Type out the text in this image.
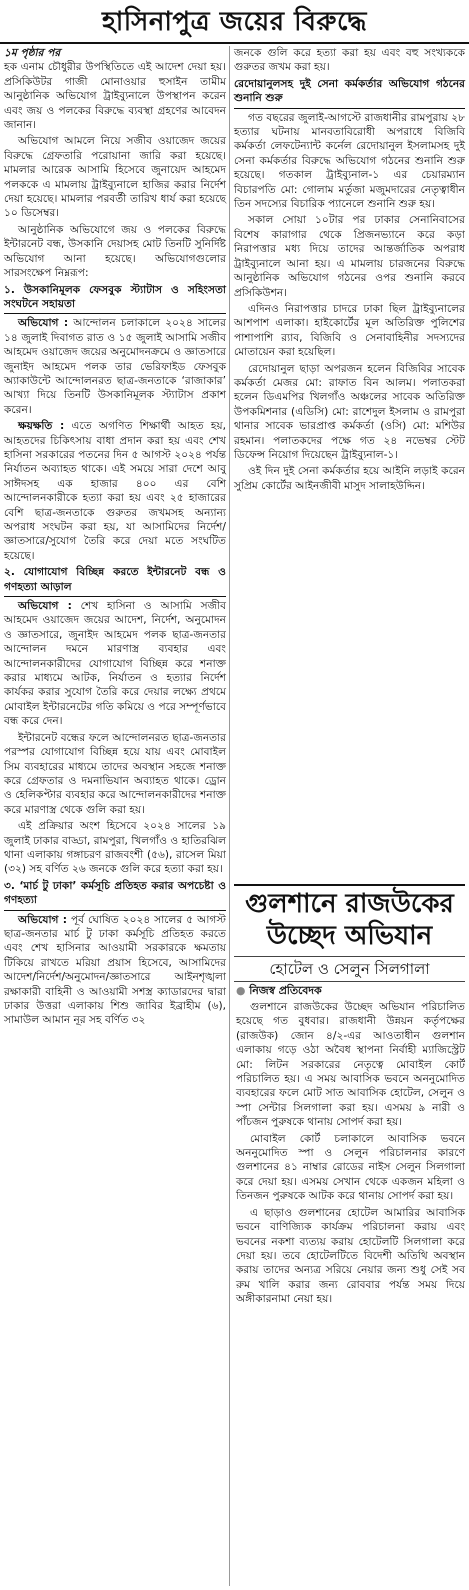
হাসিনাপুত্র জয়ের বিরুদ্ধে

১ম পৃষ্ঠার পর
হক এনাম চৌধুরীর উপস্থিতিতে এই আদেশ দেয়া হয়। প্রসিকিউটর গাজী মোনাওয়ার হুসাইন তামীম আনুষ্ঠানিক অভিযোগ ট্রাইব্যুনালে উপস্থাপন করেন এবং জয় ও পলকের বিরুদ্ধে ব্যবস্থা গ্রহণের আবেদন জানান।

অভিযোগ আমলে নিয়ে সজীব ওয়াজেদ জয়ের বিরুদ্ধে গ্রেফতারি পরোয়ানা জারি করা হয়েছে। মামলার আরেক আসামি হিসেবে জুনায়েদ আহমেদ পলককে এ মামলায় ট্রাইব্যুনালে হাজির করার নির্দেশ দেয়া হয়েছে। মামলার পরবর্তী তারিখ ধার্য করা হয়েছে ১০ ডিসেম্বর।

আনুষ্ঠানিক অভিযোগে জয় ও পলকের বিরুদ্ধে ইন্টারনেট বন্ধ, উসকানি দেয়াসহ মোট তিনটি সুনির্দিষ্ট অভিযোগ আনা হয়েছে। অভিযোগগুলোর সারসংক্ষেপ নিম্নরূপ:

১. উসকানিমূলক ফেসবুক স্ট্যাটাস ও সহিংসতা সংঘটনে সহায়তা

অভিযোগ : আন্দোলন চলাকালে ২০২৪ সালের ১৪ জুলাই দিবাগত রাত ও ১৫ জুলাই আসামি সজীব আহমেদ ওয়াজেদ জয়ের অনুমোদনক্রমে ও জ্ঞাতসারে জুনাইদ আহমেদ পলক তার ভেরিফাইড ফেসবুক অ্যাকাউন্টে আন্দোলনরত ছাত্র-জনতাকে ‘রাজাকার’ আখ্যা দিয়ে তিনটি উসকানিমূলক স্ট্যাটাস প্রকাশ করেন।

ক্ষয়ক্ষতি : এতে অগণিত শিক্ষার্থী আহত হয়, আহতদের চিকিৎসায় বাধা প্রদান করা হয় এবং শেখ হাসিনা সরকারের পতনের দিন ৫ আগস্ট ২০২৪ পর্যন্ত নির্যাতন অব্যাহত থাকে। এই সময়ে সারা দেশে আবু সাঈদসহ এক হাজার ৪০০ এর বেশি আন্দোলনকারীকে হত্যা করা হয় এবং ২৫ হাজারের বেশি ছাত্র-জনতাকে গুরুতর জখমসহ অন্যান্য অপরাধ সংঘটন করা হয়, যা আসামিদের নির্দেশ/জ্ঞাতসারে/সুযোগ তৈরি করে দেয়া মতে সংঘটিত হয়েছে।

২. যোগাযোগ বিচ্ছিন্ন করতে ইন্টারনেট বন্ধ ও গণহত্যা আড়াল

অভিযোগ : শেখ হাসিনা ও আসামি সজীব আহমেদ ওয়াজেদ জয়ের আদেশ, নির্দেশ, অনুমোদন ও জ্ঞাতসারে, জুনাইদ আহমেদ পলক ছাত্র-জনতার আন্দোলন দমনে মারণাস্ত্র ব্যবহার এবং আন্দোলনকারীদের যোগাযোগ বিচ্ছিন্ন করে শনাক্ত করার মাধ্যমে আটক, নির্যাতন ও হত্যার নির্দেশ কার্যকর করার সুযোগ তৈরি করে দেয়ার লক্ষ্যে প্রথমে মোবাইল ইন্টারনেটের গতি কমিয়ে ও পরে সম্পূর্ণভাবে বন্ধ করে দেন।

ইন্টারনেট বন্ধের ফলে আন্দোলনরত ছাত্র-জনতার পরস্পর যোগাযোগ বিচ্ছিন্ন হয়ে যায় এবং মোবাইল সিম ব্যবহারের মাধ্যমে তাদের অবস্থান সহজে শনাক্ত করে গ্রেফতার ও দমনাভিযান অব্যাহত থাকে। ড্রোন ও হেলিকপ্টার ব্যবহার করে আন্দোলনকারীদের শনাক্ত করে মারণাস্ত্র থেকে গুলি করা হয়।

এই প্রক্রিয়ার অংশ হিসেবে ২০২৪ সালের ১৯ জুলাই ঢাকার বাড্ডা, রামপুরা, খিলগাঁও ও হাতিরঝিল থানা এলাকায় গঙ্গাচরণ রাজবংশী (৫৬), রাসেল মিয়া (৩২) সহ বর্ণিত ২৬ জনকে গুলি করে হত্যা করা হয়।

৩. ‘মার্চ টু ঢাকা’ কর্মসূচি প্রতিহত করার অপচেষ্টা ও গণহত্যা

অভিযোগ : পূর্ব ঘোষিত ২০২৪ সালের ৫ আগস্ট ছাত্র-জনতার মার্চ টু ঢাকা কর্মসূচি প্রতিহত করতে এবং শেখ হাসিনার আওয়ামী সরকারকে ক্ষমতায় টিকিয়ে রাখতে মরিয়া প্রয়াস হিসেবে, আসামিদের আদেশ/নির্দেশ/অনুমোদন/জ্ঞাতসারে আইনশৃঙ্খলা রক্ষাকারী বাহিনী ও আওয়ামী সশস্ত্র ক্যাডারদের দ্বারা ঢাকার উত্তরা এলাকায় শিশু জাবির ইব্রাহীম (৬), সামাউল আমান নূর সহ বর্ণিত ৩২

জনকে গুলি করে হত্যা করা হয় এবং বহু সংখ্যককে গুরুতর জখম করা হয়।

রেদোয়ানুলসহ দুই সেনা কর্মকর্তার অভিযোগ গঠনের শুনানি শুরু

গত বছরের জুলাই-আগস্টে রাজধানীর রামপুরায় ২৮ হত্যার ঘটনায় মানবতাবিরোধী অপরাধে বিজিবি কর্মকর্তা লেফটেন্যান্ট কর্নেল রেদোয়ানুল ইসলামসহ দুই সেনা কর্মকর্তার বিরুদ্ধে অভিযোগ গঠনের শুনানি শুরু হয়েছে। গতকাল ট্রাইব্যুনাল-১ এর চেয়ারম্যান বিচারপতি মো: গোলাম মর্তুজা মজুমদারের নেতৃত্বাধীন তিন সদস্যের বিচারিক প্যানেলে শুনানি শুরু হয়।

সকাল সোয়া ১০টার পর ঢাকার সেনানিবাসের বিশেষ কারাগার থেকে প্রিজনভ্যানে করে কড়া নিরাপত্তার মধ্য দিয়ে তাদের আন্তর্জাতিক অপরাধ ট্রাইব্যুনালে আনা হয়। এ মামলায় চারজনের বিরুদ্ধে আনুষ্ঠানিক অভিযোগ গঠনের ওপর শুনানি করবে প্রসিকিউশন।

এদিনও নিরাপত্তার চাদরে ঢাকা ছিল ট্রাইব্যুনালের আশপাশ এলাকা। হাইকোর্টের মূল অতিরিক্ত পুলিশের পাশাপাশি র‍্যাব, বিজিবি ও সেনাবাহিনীর সদস্যদের মোতায়েন করা হয়েছিল।

রেদোয়ানুল ছাড়া অপরজন হলেন বিজিবির সাবেক কর্মকর্তা মেজর মো: রাফাত বিন আলম। পলাতকরা হলেন ডিএমপির খিলগাঁও অঞ্চলের সাবেক অতিরিক্ত উপকমিশনার (এডিসি) মো: রাশেদুল ইসলাম ও রামপুরা থানার সাবেক ভারপ্রাপ্ত কর্মকর্তা (ওসি) মো: মশিউর রহমান। পলাতকদের পক্ষে গত ২৪ নভেম্বর স্টেট ডিফেন্স নিয়োগ দিয়েছেন ট্রাইব্যুনাল-১।

ওই দিন দুই সেনা কর্মকর্তার হয়ে আইনি লড়াই করেন সুপ্রিম কোর্টের আইনজীবী মাসুদ সালাহউদ্দিন।

গুলশানে রাজউকের উচ্ছেদ অভিযান
হোটেল ও সেলুন সিলগালা
● নিজস্ব প্রতিবেদক

গুলশানে রাজউকের উচ্ছেদ অভিযান পরিচালিত হয়েছে গত বুধবার। রাজধানী উন্নয়ন কর্তৃপক্ষের (রাজউক) জোন ৪/২-এর আওতাধীন গুলশান এলাকায় গড়ে ওঠা অবৈধ স্থাপনা নির্বাহী ম্যাজিস্ট্রেট মো: লিটন সরকারের নেতৃত্বে মোবাইল কোর্ট পরিচালিত হয়। এ সময় আবাসিক ভবনে অননুমোদিত ব্যবহারের ফলে মোট সাত আবাসিক হোটেল, সেলুন ও স্পা সেন্টার সিলগালা করা হয়। এসময় ৯ নারী ও পাঁচজন পুরুষকে থানায় সোপর্দ করা হয়।

মোবাইল কোর্ট চলাকালে আবাসিক ভবনে অননুমোদিত স্পা ও সেলুন পরিচালনার কারণে গুলশানের ৪১ নাম্বার রোডের নাইস সেলুন সিলগালা করে দেয়া হয়। এসময় সেখান থেকে একজন মহিলা ও তিনজন পুরুষকে আটক করে থানায় সোপর্দ করা হয়।

এ ছাড়াও গুলশানের হোটেল আমারির আবাসিক ভবনে বাণিজ্যিক কার্যক্রম পরিচালনা করায় এবং ভবনের নকশা ব্যত্যয় করায় হোটেলটি সিলগালা করে দেয়া হয়। তবে হোটেলটিতে বিদেশী অতিথি অবস্থান করায় তাদের অন্যত্র সরিয়ে নেয়ার জন্য শুধু সেই সব রুম খালি করার জন্য রোববার পর্যন্ত সময় দিয়ে অঙ্গীকারনামা নেয়া হয়।
